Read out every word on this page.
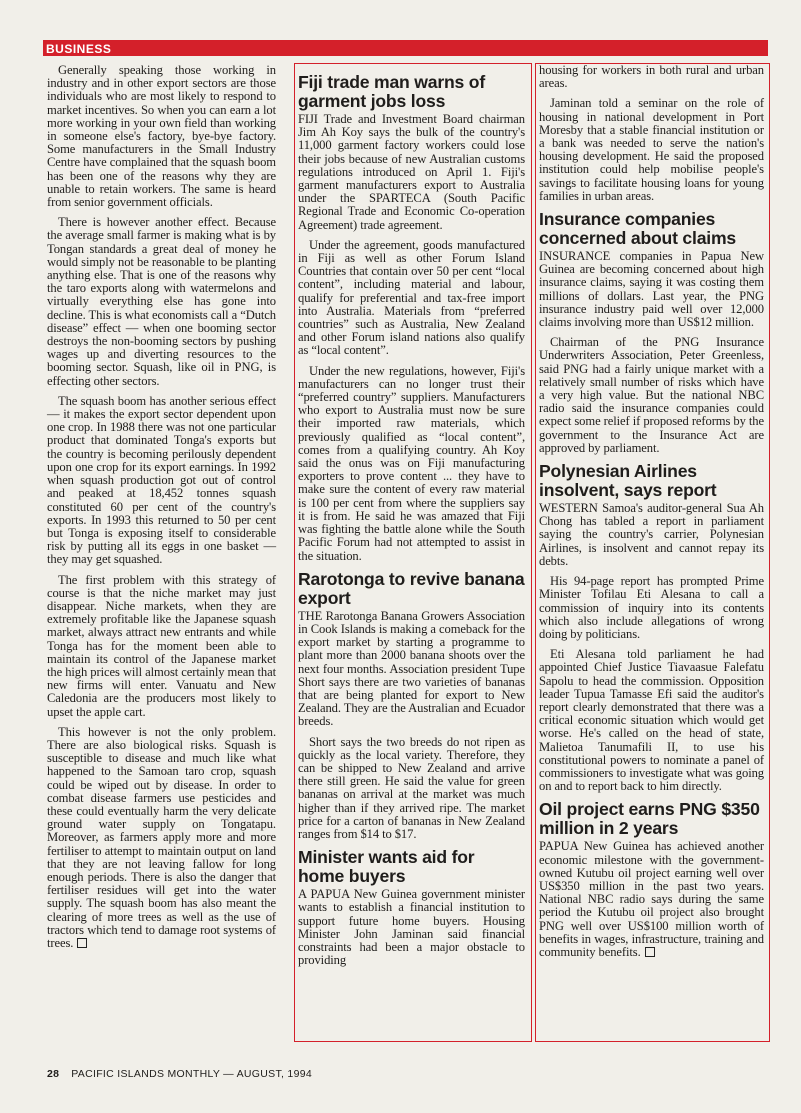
BUSINESS

Generally speaking those working in industry and in other export sectors are those individuals who are most likely to respond to market incentives. So when you can earn a lot more working in your own field than working in someone else's factory, bye-bye factory. Some manufacturers in the Small Industry Centre have complained that the squash boom has been one of the reasons why they are unable to retain workers. The same is heard from senior government officials.

There is however another effect. Because the average small farmer is making what is by Tongan standards a great deal of money he would simply not be reasonable to be planting anything else. That is one of the reasons why the taro exports along with watermelons and virtually everything else has gone into decline. This is what economists call a “Dutch disease” effect — when one booming sector destroys the non-booming sectors by pushing wages up and diverting resources to the booming sector. Squash, like oil in PNG, is effecting other sectors.

The squash boom has another serious effect — it makes the export sector dependent upon one crop. In 1988 there was not one particular product that dominated Tonga's exports but the country is becoming perilously dependent upon one crop for its export earnings. In 1992 when squash production got out of control and peaked at 18,452 tonnes squash constituted 60 per cent of the country's exports. In 1993 this returned to 50 per cent but Tonga is exposing itself to considerable risk by putting all its eggs in one basket — they may get squashed.

The first problem with this strategy of course is that the niche market may just disappear. Niche markets, when they are extremely profitable like the Japanese squash market, always attract new entrants and while Tonga has for the moment been able to maintain its control of the Japanese market the high prices will almost certainly mean that new firms will enter. Vanuatu and New Caledonia are the producers most likely to upset the apple cart.

This however is not the only problem. There are also biological risks. Squash is susceptible to disease and much like what happened to the Samoan taro crop, squash could be wiped out by disease. In order to combat disease farmers use pesticides and these could eventually harm the very delicate ground water supply on Tongatapu. Moreover, as farmers apply more and more fertiliser to attempt to maintain output on land that they are not leaving fallow for long enough periods. There is also the danger that fertiliser residues will get into the water supply. The squash boom has also meant the clearing of more trees as well as the use of tractors which tend to damage root systems of trees.

Fiji trade man warns of garment jobs loss

FIJI Trade and Investment Board chairman Jim Ah Koy says the bulk of the country's 11,000 garment factory workers could lose their jobs because of new Australian customs regulations introduced on April 1. Fiji's garment manufacturers export to Australia under the SPARTECA (South Pacific Regional Trade and Economic Co-operation Agreement) trade agreement.

Under the agreement, goods manufactured in Fiji as well as other Forum Island Countries that contain over 50 per cent “local content”, including material and labour, qualify for preferential and tax-free import into Australia. Materials from “preferred countries” such as Australia, New Zealand and other Forum island nations also qualify as “local content”.

Under the new regulations, however, Fiji's manufacturers can no longer trust their “preferred country” suppliers. Manufacturers who export to Australia must now be sure their imported raw materials, which previously qualified as “local content”, comes from a qualifying country. Ah Koy said the onus was on Fiji manufacturing exporters to prove content ... they have to make sure the content of every raw material is 100 per cent from where the suppliers say it is from. He said he was amazed that Fiji was fighting the battle alone while the South Pacific Forum had not attempted to assist in the situation.

Rarotonga to revive banana export

THE Rarotonga Banana Growers Association in Cook Islands is making a comeback for the export market by starting a programme to plant more than 2000 banana shoots over the next four months. Association president Tupe Short says there are two varieties of bananas that are being planted for export to New Zealand. They are the Australian and Ecuador breeds.

Short says the two breeds do not ripen as quickly as the local variety. Therefore, they can be shipped to New Zealand and arrive there still green. He said the value for green bananas on arrival at the market was much higher than if they arrived ripe. The market price for a carton of bananas in New Zealand ranges from $14 to $17.

Minister wants aid for home buyers

A PAPUA New Guinea government minister wants to establish a financial institution to support future home buyers. Housing Minister John Jaminan said financial constraints had been a major obstacle to providing

housing for workers in both rural and urban areas.

Jaminan told a seminar on the role of housing in national development in Port Moresby that a stable financial institution or a bank was needed to serve the nation's housing development. He said the proposed institution could help mobilise people's savings to facilitate housing loans for young families in urban areas.

Insurance companies concerned about claims

INSURANCE companies in Papua New Guinea are becoming concerned about high insurance claims, saying it was costing them millions of dollars. Last year, the PNG insurance industry paid well over 12,000 claims involving more than US$12 million.

Chairman of the PNG Insurance Underwriters Association, Peter Greenless, said PNG had a fairly unique market with a relatively small number of risks which have a very high value. But the national NBC radio said the insurance companies could expect some relief if proposed reforms by the government to the Insurance Act are approved by parliament.

Polynesian Airlines insolvent, says report

WESTERN Samoa's auditor-general Sua Ah Chong has tabled a report in parliament saying the country's carrier, Polynesian Airlines, is insolvent and cannot repay its debts.

His 94-page report has prompted Prime Minister Tofilau Eti Alesana to call a commission of inquiry into its contents which also include allegations of wrong doing by politicians.

Eti Alesana told parliament he had appointed Chief Justice Tiavaasue Falefatu Sapolu to head the commission. Opposition leader Tupua Tamasse Efi said the auditor's report clearly demonstrated that there was a critical economic situation which would get worse. He's called on the head of state, Malietoa Tanumafili II, to use his constitutional powers to nominate a panel of commissioners to investigate what was going on and to report back to him directly.

Oil project earns PNG $350 million in 2 years

PAPUA New Guinea has achieved another economic milestone with the government-owned Kutubu oil project earning well over US$350 million in the past two years. National NBC radio says during the same period the Kutubu oil project also brought PNG well over US$100 million worth of benefits in wages, infrastructure, training and community benefits.

28 PACIFIC ISLANDS MONTHLY — AUGUST, 1994
